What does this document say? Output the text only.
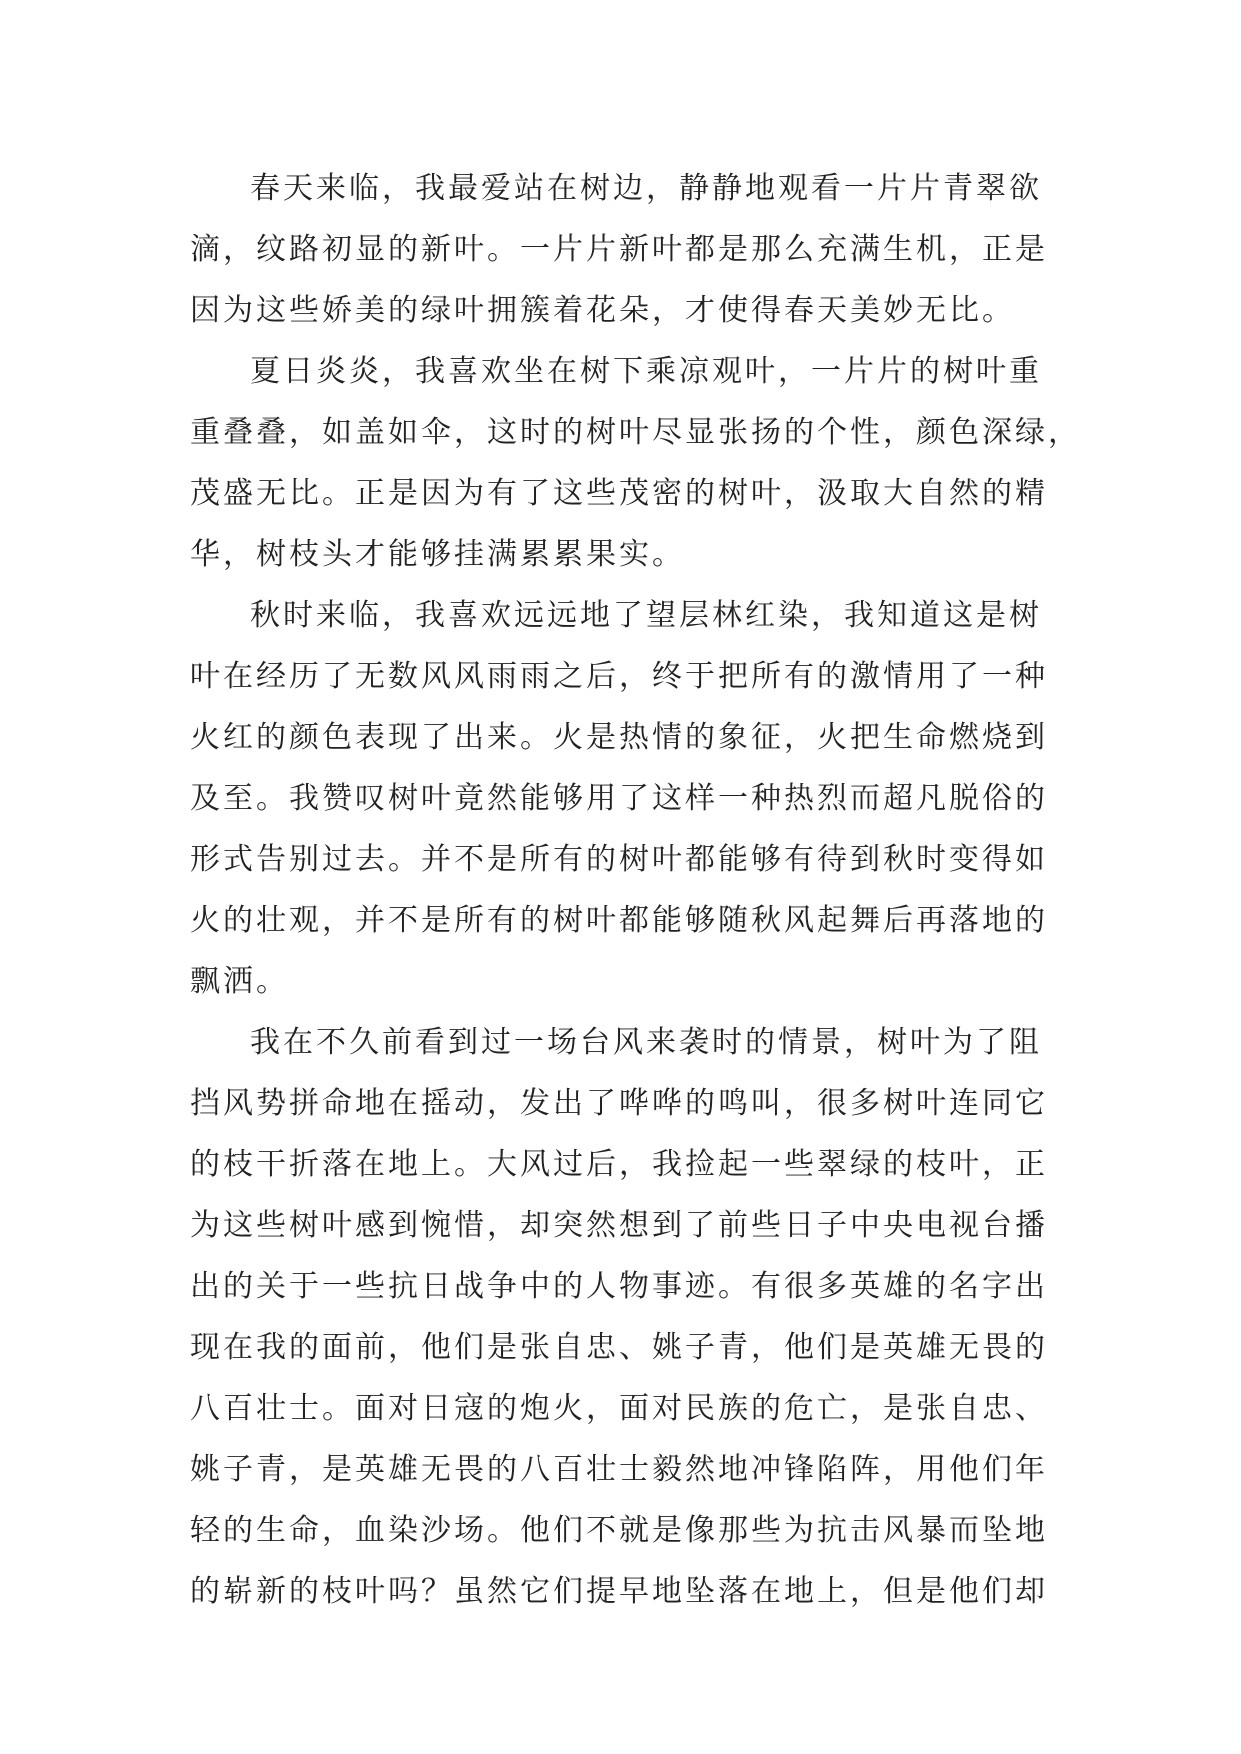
春天来临，我最爱站在树边，静静地观看一片片青翠欲
滴，纹路初显的新叶。一片片新叶都是那么充满生机，正是
因为这些娇美的绿叶拥簇着花朵，才使得春天美妙无比。

夏日炎炎，我喜欢坐在树下乘凉观叶，一片片的树叶重
重叠叠，如盖如伞，这时的树叶尽显张扬的个性，颜色深绿，
茂盛无比。正是因为有了这些茂密的树叶，汲取大自然的精
华，树枝头才能够挂满累累果实。

秋时来临，我喜欢远远地了望层林红染，我知道这是树
叶在经历了无数风风雨雨之后，终于把所有的激情用了一种
火红的颜色表现了出来。火是热情的象征，火把生命燃烧到
及至。我赞叹树叶竟然能够用了这样一种热烈而超凡脱俗的
形式告别过去。并不是所有的树叶都能够有待到秋时变得如
火的壮观，并不是所有的树叶都能够随秋风起舞后再落地的
飘洒。

我在不久前看到过一场台风来袭时的情景，树叶为了阻
挡风势拼命地在摇动，发出了哗哗的鸣叫，很多树叶连同它
的枝干折落在地上。大风过后，我捡起一些翠绿的枝叶，正
为这些树叶感到惋惜，却突然想到了前些日子中央电视台播
出的关于一些抗日战争中的人物事迹。有很多英雄的名字出
现在我的面前，他们是张自忠、姚子青，他们是英雄无畏的
八百壮士。面对日寇的炮火，面对民族的危亡，是张自忠、
姚子青，是英雄无畏的八百壮士毅然地冲锋陷阵，用他们年
轻的生命，血染沙场。他们不就是像那些为抗击风暴而坠地
的崭新的枝叶吗？虽然它们提早地坠落在地上，但是他们却
